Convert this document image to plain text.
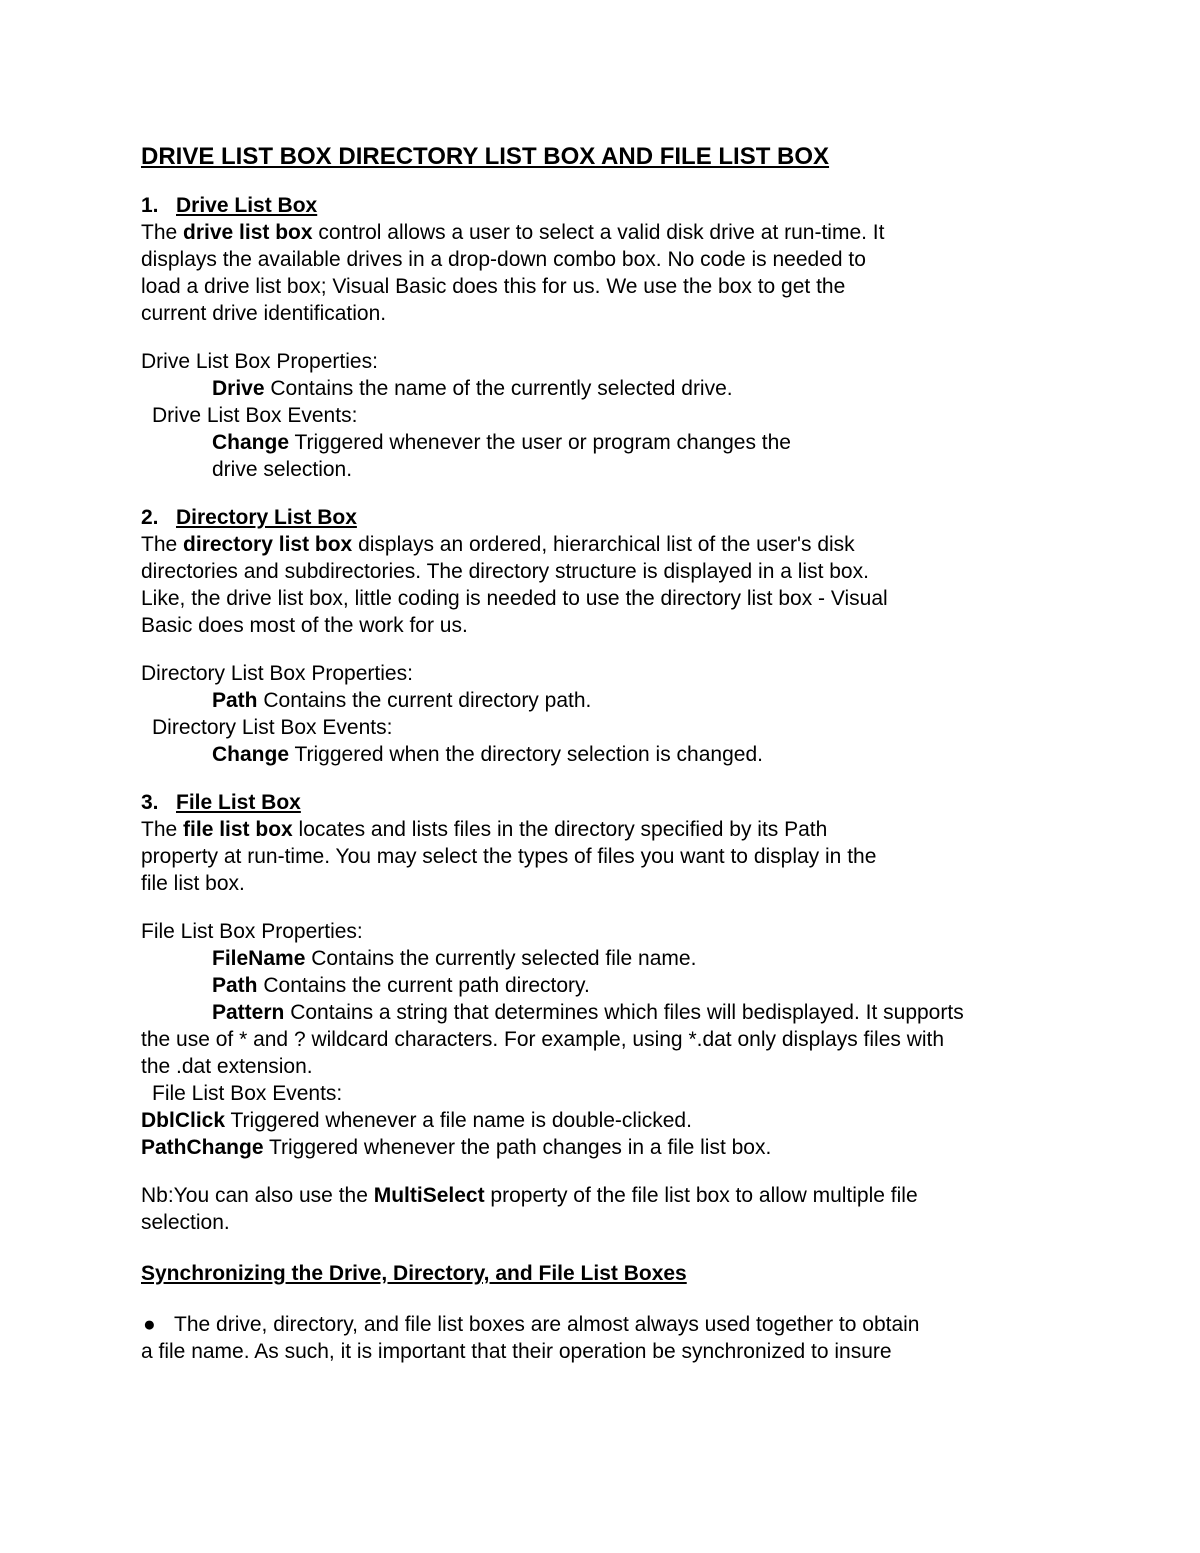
DRIVE LIST BOX DIRECTORY LIST BOX AND FILE LIST BOX
1. Drive List Box

The drive list box control allows a user to select a valid disk drive at run-time. It
displays the available drives in a drop-down combo box. No code is needed to
load a drive list box; Visual Basic does this for us. We use the box to get the
current drive identification.

Drive List Box Properties:

Drive Contains the name of the currently selected drive.

Drive List Box Events:

Change Triggered whenever the user or program changes the
drive selection.

2. Directory List Box

The directory list box displays an ordered, hierarchical list of the user's disk
directories and subdirectories. The directory structure is displayed in a list box.
Like, the drive list box, little coding is needed to use the directory list box - Visual
Basic does most of the work for us.

Directory List Box Properties:

Path Contains the current directory path.

Directory List Box Events:

Change Triggered when the directory selection is changed.

3. File List Box

The file list box locates and lists files in the directory specified by its Path
property at run-time. You may select the types of files you want to display in the
file list box.

File List Box Properties:

FileName Contains the currently selected file name.

Path Contains the current path directory.

Pattern Contains a string that determines which files will bedisplayed. It supports

the use of * and ? wildcard characters. For example, using *.dat only displays files with
the .dat extension.

File List Box Events:

DblClick Triggered whenever a file name is double-clicked.

PathChange Triggered whenever the path changes in a file list box.

Nb:You can also use the MultiSelect property of the file list box to allow multiple file
selection.

Synchronizing the Drive, Directory, and File List Boxes

● The drive, directory, and file list boxes are almost always used together to obtain
a file name. As such, it is important that their operation be synchronized to insure
